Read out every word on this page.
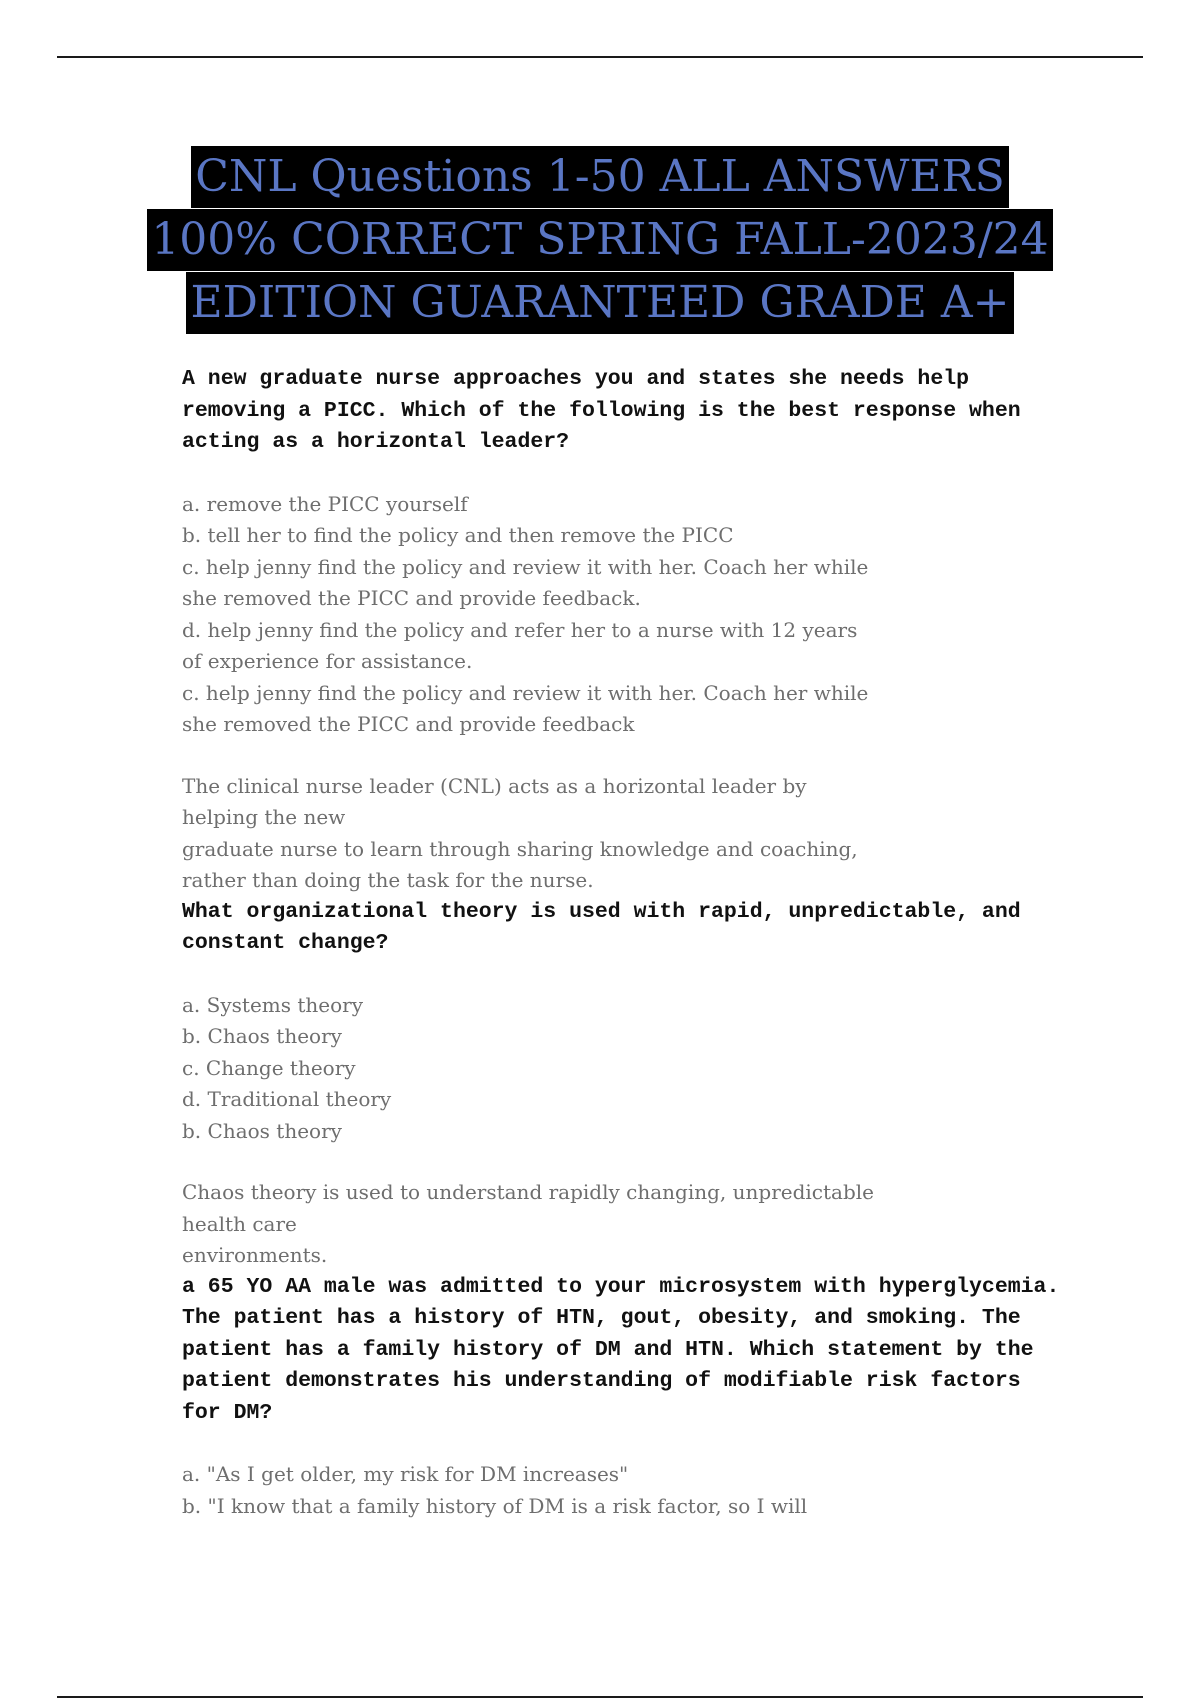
CNL Questions 1-50 ALL ANSWERS
100% CORRECT SPRING FALL-2023/24
EDITION GUARANTEED GRADE A+
A new graduate nurse approaches you and states she needs help
removing a PICC. Which of the following is the best response when
acting as a horizontal leader?
a. remove the PICC yourself
b. tell her to find the policy and then remove the PICC
c. help jenny find the policy and review it with her. Coach her while
she removed the PICC and provide feedback.
d. help jenny find the policy and refer her to a nurse with 12 years
of experience for assistance.
c. help jenny find the policy and review it with her. Coach her while
she removed the PICC and provide feedback
The clinical nurse leader (CNL) acts as a horizontal leader by
helping the new
graduate nurse to learn through sharing knowledge and coaching,
rather than doing the task for the nurse.
What organizational theory is used with rapid, unpredictable, and
constant change?
a. Systems theory
b. Chaos theory
c. Change theory
d. Traditional theory
b. Chaos theory
Chaos theory is used to understand rapidly changing, unpredictable
health care
environments.
a 65 YO AA male was admitted to your microsystem with hyperglycemia.
The patient has a history of HTN, gout, obesity, and smoking. The
patient has a family history of DM and HTN. Which statement by the
patient demonstrates his understanding of modifiable risk factors
for DM?
a. "As I get older, my risk for DM increases"
b. "I know that a family history of DM is a risk factor, so I will
